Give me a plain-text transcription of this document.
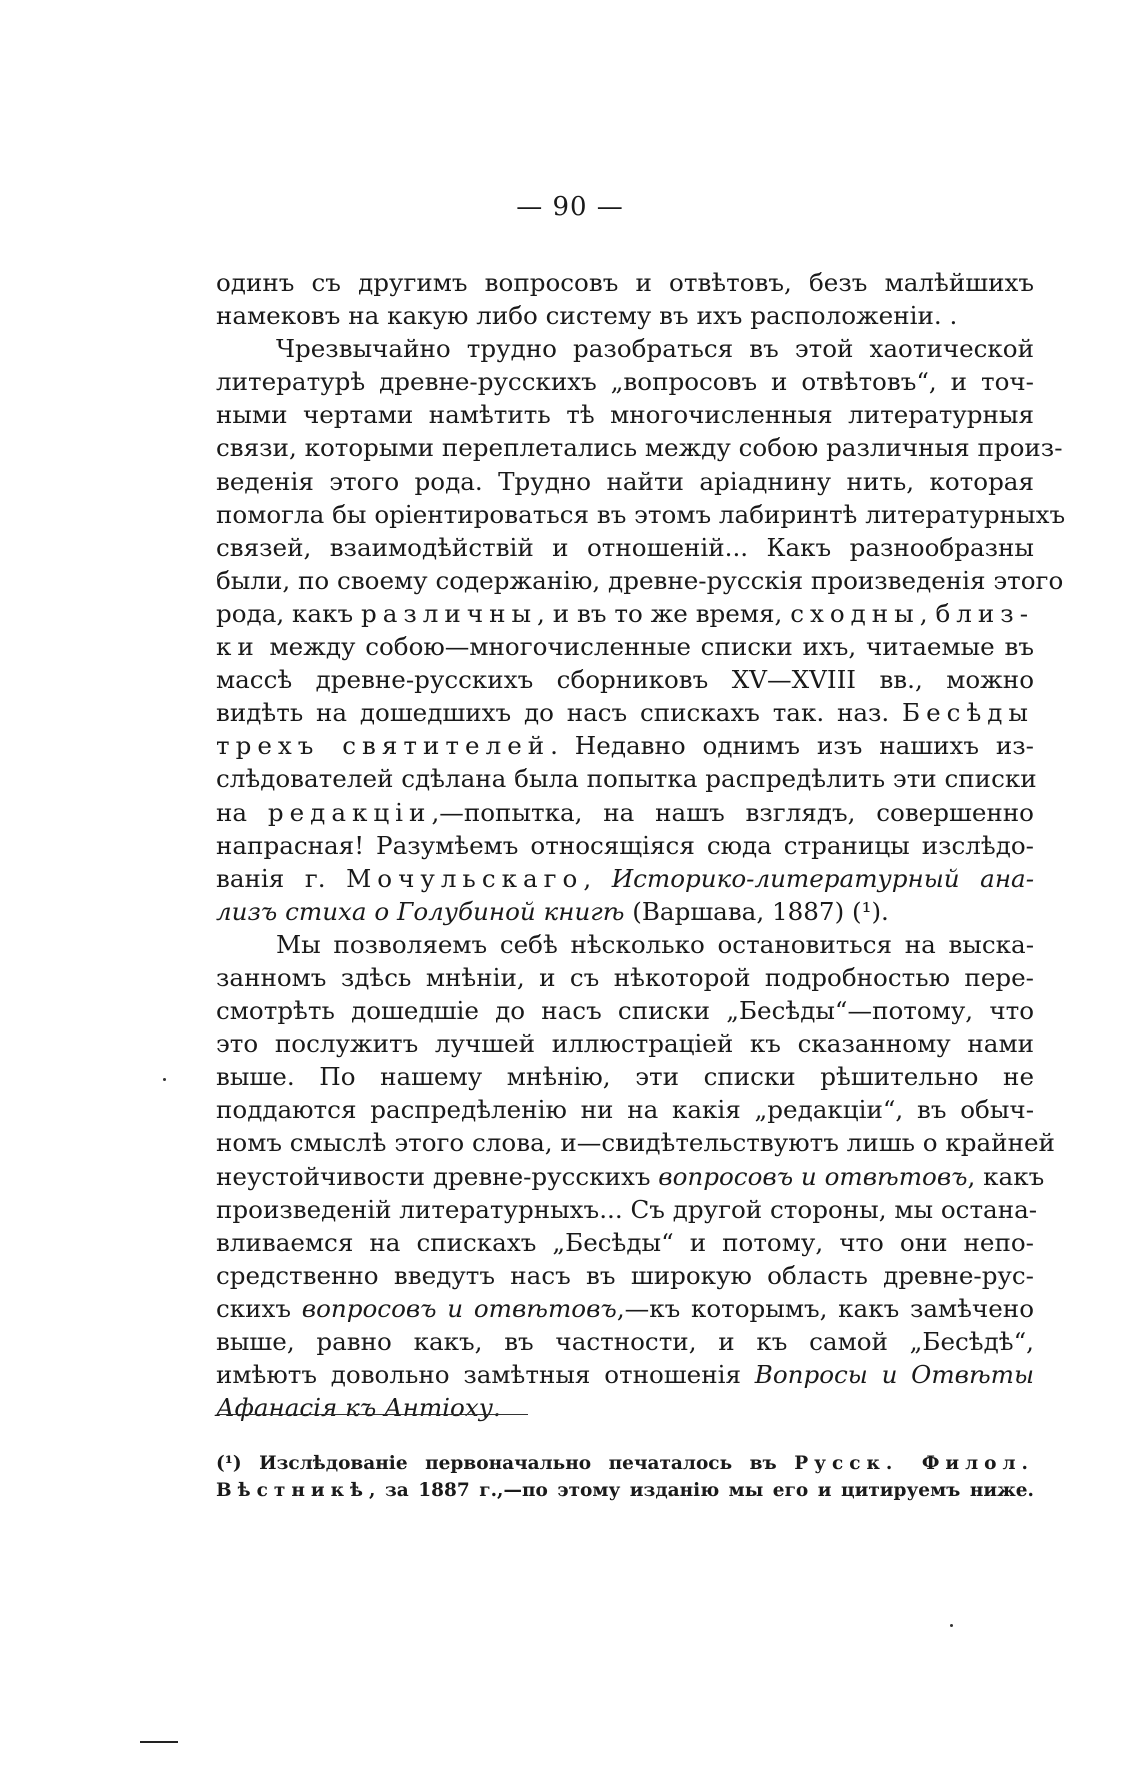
— 90 —
одинъ съ другимъ вопросовъ и отвѣтовъ, безъ малѣйшихъ
намековъ на какую либо систему въ ихъ расположеніи. .
Чрезвычайно трудно разобраться въ этой хаотической
литературѣ древне-русскихъ „вопросовъ и отвѣтовъ“, и точ-
ными чертами намѣтить тѣ многочисленныя литературныя
связи, которыми переплетались между собою различныя произ-
веденія этого рода. Трудно найти аріаднину нить, которая
помогла бы оріентироваться въ этомъ лабиринтѣ литературныхъ
связей, взаимодѣйствій и отношеній... Какъ разнообразны
были, по своему содержанію, древне-русскія произведенія этого
рода, какъ различны, и въ то же время, сходны, близ-
ки между собою—многочисленные списки ихъ, читаемые въ
массѣ древне-русскихъ сборниковъ XV—XVIII вв., можно
видѣть на дошедшихъ до насъ спискахъ так. наз. Бесѣды
трехъ святителей. Недавно однимъ изъ нашихъ из-
слѣдователей сдѣлана была попытка распредѣлить эти списки
на редакціи,—попытка, на нашъ взглядъ, совершенно
напрасная! Разумѣемъ относящіяся сюда страницы изслѣдо-
ванія г. Мочульскаго, Историко-литературный ана-
лизъ стиха о Голубиной книгѣ (Варшава, 1887) (¹).
Мы позволяемъ себѣ нѣсколько остановиться на выска-
занномъ здѣсь мнѣніи, и съ нѣкоторой подробностью пере-
смотрѣть дошедшіе до насъ списки „Бесѣды“—потому, что
это послужитъ лучшей иллюстраціей къ сказанному нами
выше. По нашему мнѣнію, эти списки рѣшительно не
поддаются распредѣленію ни на какія „редакціи“, въ обыч-
номъ смыслѣ этого слова, и—свидѣтельствуютъ лишь о крайней
неустойчивости древне-русскихъ вопросовъ и отвѣтовъ, какъ
произведеній литературныхъ... Съ другой стороны, мы остана-
вливаемся на спискахъ „Бесѣды“ и потому, что они непо-
средственно введутъ насъ въ широкую область древне-рус-
скихъ вопросовъ и отвѣтовъ,—къ которымъ, какъ замѣчено
выше, равно какъ, въ частности, и къ самой „Бесѣдѣ“,
имѣютъ довольно замѣтныя отношенія Вопросы и Отвѣты
Афанасія къ Антіоху.
(¹) Изслѣдованіе первоначально печаталось въ Русск. Филол.
Вѣстникѣ, за 1887 г.,—по этому изданію мы его и цитируемъ ниже.
